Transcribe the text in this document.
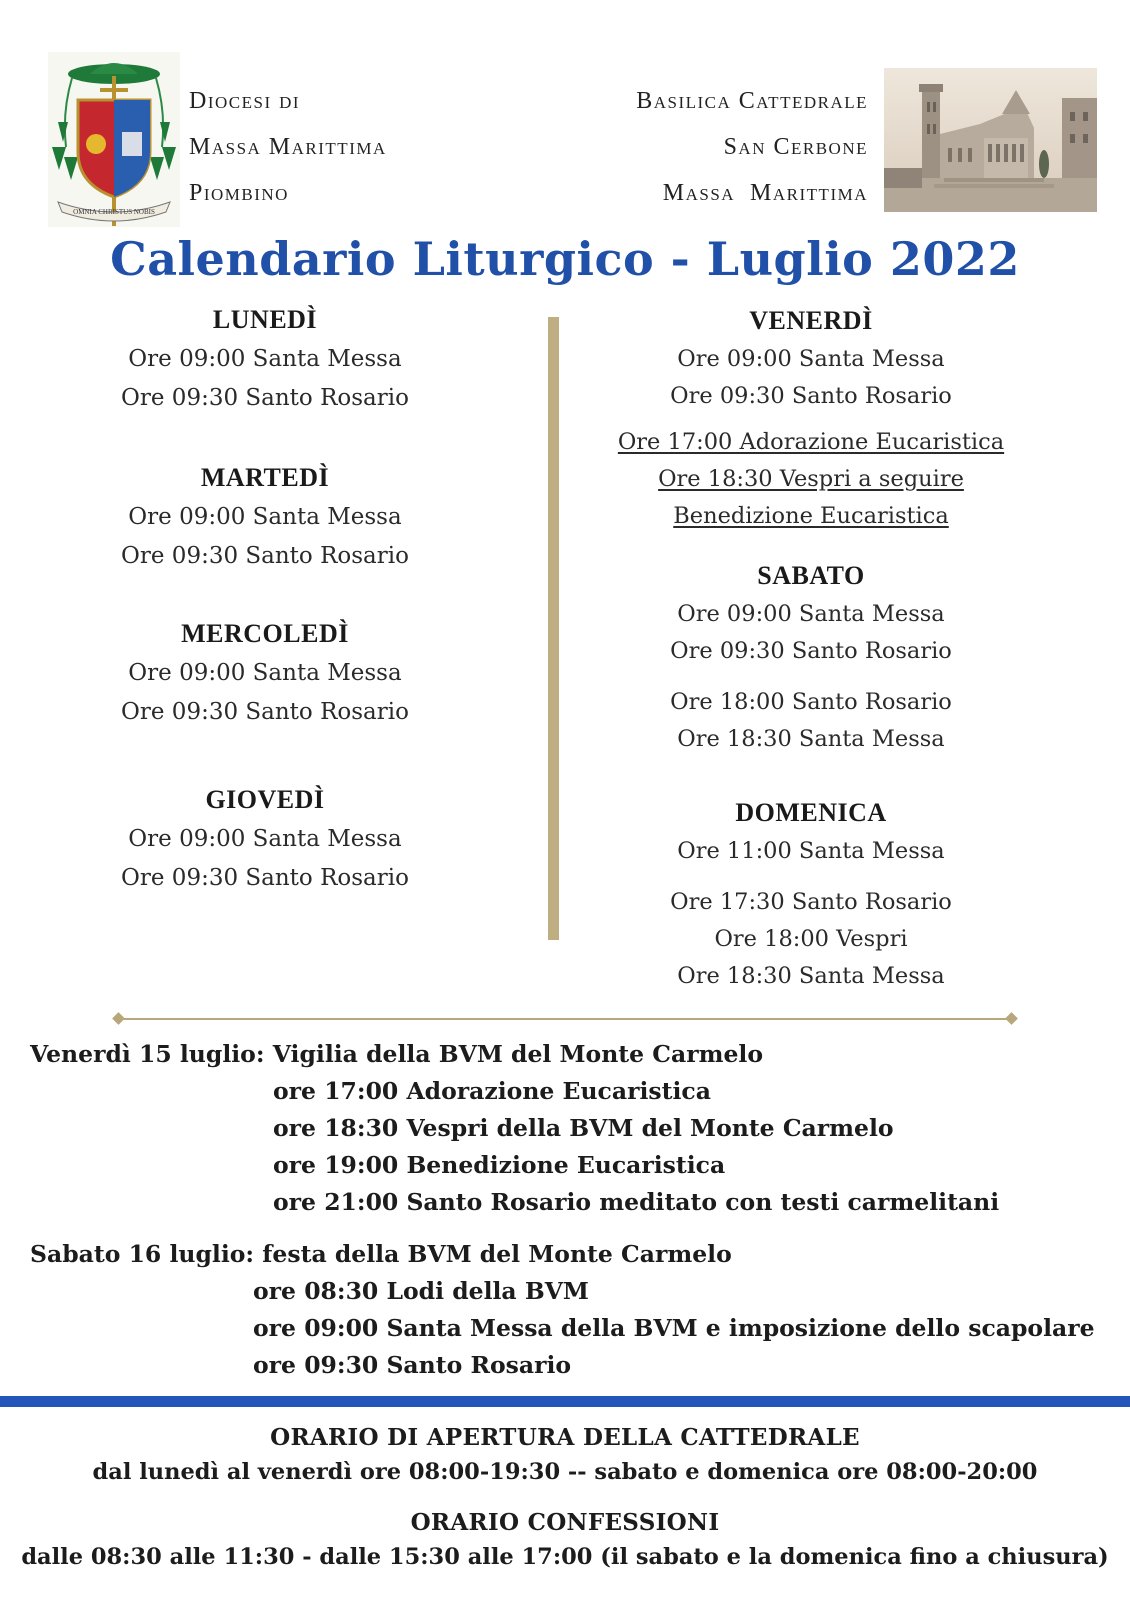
OMNIA CHRISTUS NOBIS
Diocesi di
Massa Marittima
Piombino
Basilica Cattedrale
San Cerbone
Massa  Marittima
Calendario Liturgico - Luglio 2022
LUNEDÌ
Ore 09:00 Santa Messa
Ore 09:30 Santo Rosario
MARTEDÌ
Ore 09:00 Santa Messa
Ore 09:30 Santo Rosario
MERCOLEDÌ
Ore 09:00 Santa Messa
Ore 09:30 Santo Rosario
GIOVEDÌ
Ore 09:00 Santa Messa
Ore 09:30 Santo Rosario
VENERDÌ
Ore 09:00 Santa Messa
Ore 09:30 Santo Rosario
Ore 17:00 Adorazione Eucaristica
Ore 18:30 Vespri a seguire
Benedizione Eucaristica
SABATO
Ore 09:00 Santa Messa
Ore 09:30 Santo Rosario
Ore 18:00 Santo Rosario
Ore 18:30 Santa Messa
DOMENICA
Ore 11:00 Santa Messa
Ore 17:30 Santo Rosario
Ore 18:00 Vespri
Ore 18:30 Santa Messa
Venerdì 15 luglio: Vigilia della BVM del Monte Carmelo
ore 17:00 Adorazione Eucaristica
ore 18:30 Vespri della BVM del Monte Carmelo
ore 19:00 Benedizione Eucaristica
ore 21:00 Santo Rosario meditato con testi carmelitani
Sabato 16 luglio: festa della BVM del Monte Carmelo
ore 08:30 Lodi della BVM
ore 09:00 Santa Messa della BVM e imposizione dello scapolare
ore 09:30 Santo Rosario
ORARIO DI APERTURA DELLA CATTEDRALE
dal lunedì al venerdì ore 08:00-19:30 -- sabato e domenica ore 08:00-20:00
ORARIO CONFESSIONI
dalle 08:30 alle 11:30 - dalle 15:30 alle 17:00 (il sabato e la domenica fino a chiusura)
